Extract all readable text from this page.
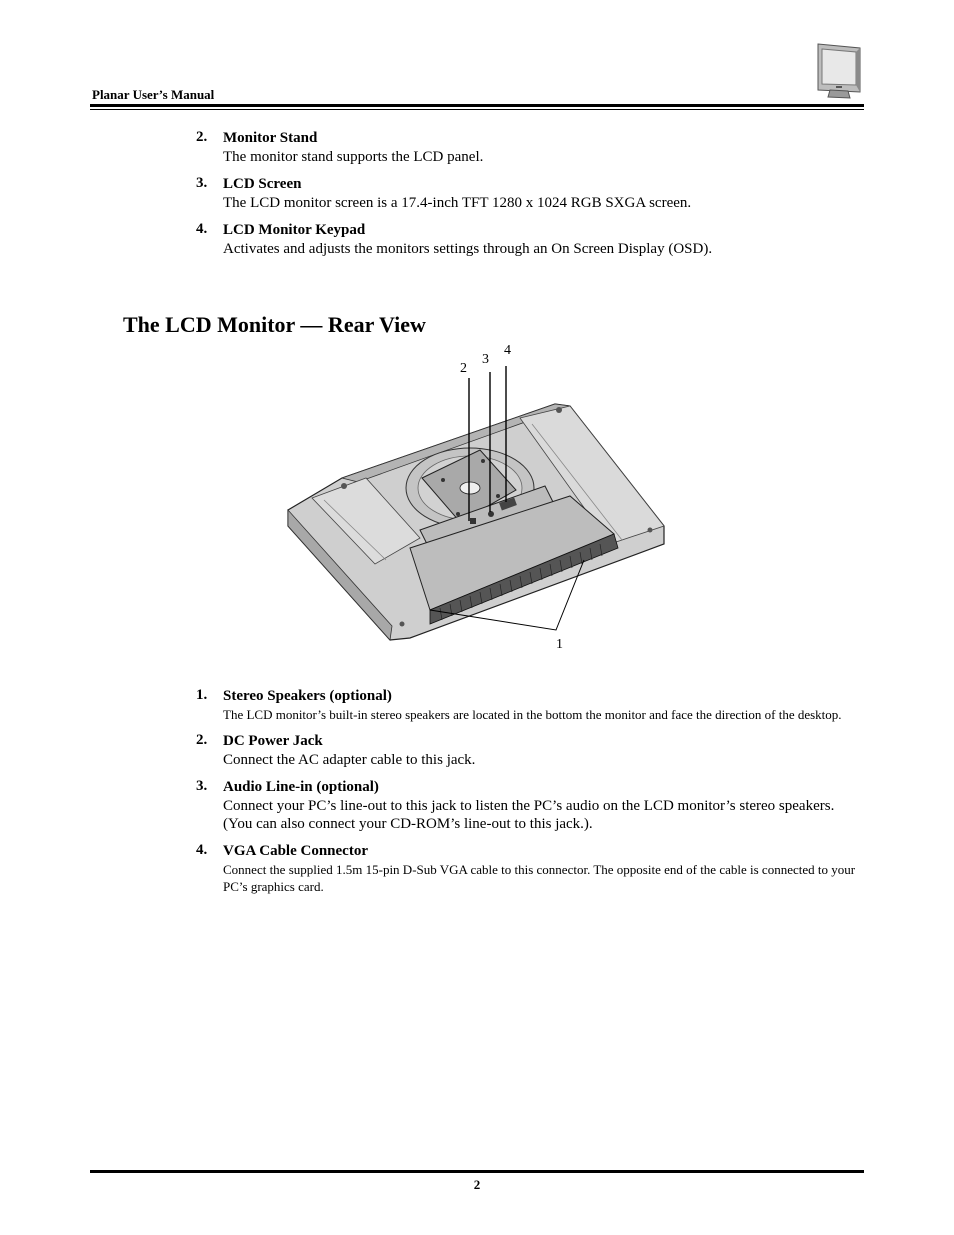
Planar User’s Manual
2. Monitor Stand
The monitor stand supports the LCD panel.
3. LCD Screen
The LCD monitor screen is a 17.4-inch TFT 1280 x 1024 RGB SXGA screen.
4. LCD Monitor Keypad
Activates and adjusts the monitors settings through an On Screen Display (OSD).
The LCD Monitor — Rear View
2
3
4
1
1. Stereo Speakers (optional)
The LCD monitor’s built-in stereo speakers are located in the bottom the monitor and face the direction of the desktop.
2. DC Power Jack
Connect the AC adapter cable to this jack.
3. Audio Line-in (optional)
Connect your PC’s line-out to this jack to listen the PC’s audio on the LCD monitor’s stereo speakers. (You can also connect your CD-ROM’s line-out to this jack.).
4. VGA Cable Connector
Connect the supplied 1.5m 15-pin D-Sub VGA cable to this connector. The opposite end of the cable is connected to your PC’s graphics card.
2
